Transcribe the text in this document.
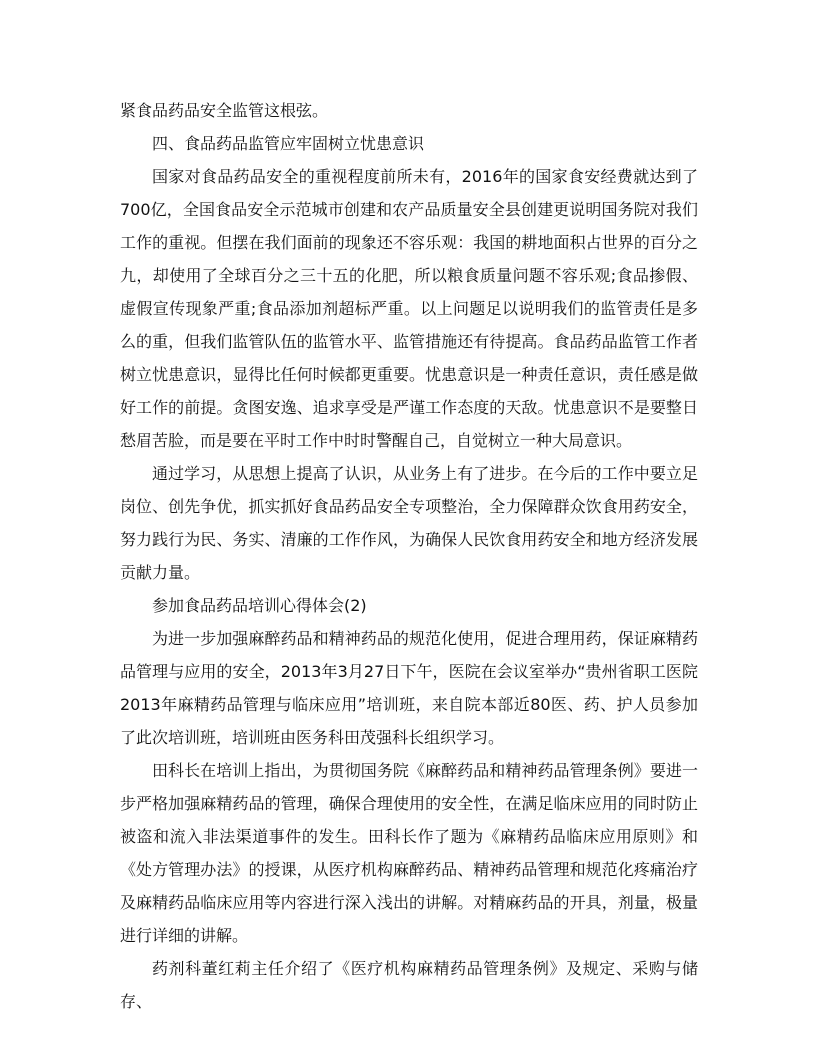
紧食品药品安全监管这根弦。

四、食品药品监管应牢固树立忧患意识

国家对食品药品安全的重视程度前所未有，2016年的国家食安经费就达到了700亿，全国食品安全示范城市创建和农产品质量安全县创建更说明国务院对我们工作的重视。但摆在我们面前的现象还不容乐观：我国的耕地面积占世界的百分之九，却使用了全球百分之三十五的化肥，所以粮食质量问题不容乐观;食品掺假、虚假宣传现象严重;食品添加剂超标严重。以上问题足以说明我们的监管责任是多么的重，但我们监管队伍的监管水平、监管措施还有待提高。食品药品监管工作者树立忧患意识，显得比任何时候都更重要。忧患意识是一种责任意识，责任感是做好工作的前提。贪图安逸、追求享受是严谨工作态度的天敌。忧患意识不是要整日愁眉苦脸，而是要在平时工作中时时警醒自己，自觉树立一种大局意识。

通过学习，从思想上提高了认识，从业务上有了进步。在今后的工作中要立足岗位、创先争优，抓实抓好食品药品安全专项整治，全力保障群众饮食用药安全，努力践行为民、务实、清廉的工作作风，为确保人民饮食用药安全和地方经济发展贡献力量。

参加食品药品培训心得体会(2)

为进一步加强麻醉药品和精神药品的规范化使用，促进合理用药，保证麻精药品管理与应用的安全，2013年3月27日下午，医院在会议室举办“贵州省职工医院2013年麻精药品管理与临床应用”培训班，来自院本部近80医、药、护人员参加了此次培训班，培训班由医务科田茂强科长组织学习。

田科长在培训上指出，为贯彻国务院《麻醉药品和精神药品管理条例》要进一步严格加强麻精药品的管理，确保合理使用的安全性，在满足临床应用的同时防止被盗和流入非法渠道事件的发生。田科长作了题为《麻精药品临床应用原则》和《处方管理办法》的授课，从医疗机构麻醉药品、精神药品管理和规范化疼痛治疗及麻精药品临床应用等内容进行深入浅出的讲解。对精麻药品的开具，剂量，极量进行详细的讲解。

药剂科董红莉主任介绍了《医疗机构麻精药品管理条例》及规定、采购与储存、
